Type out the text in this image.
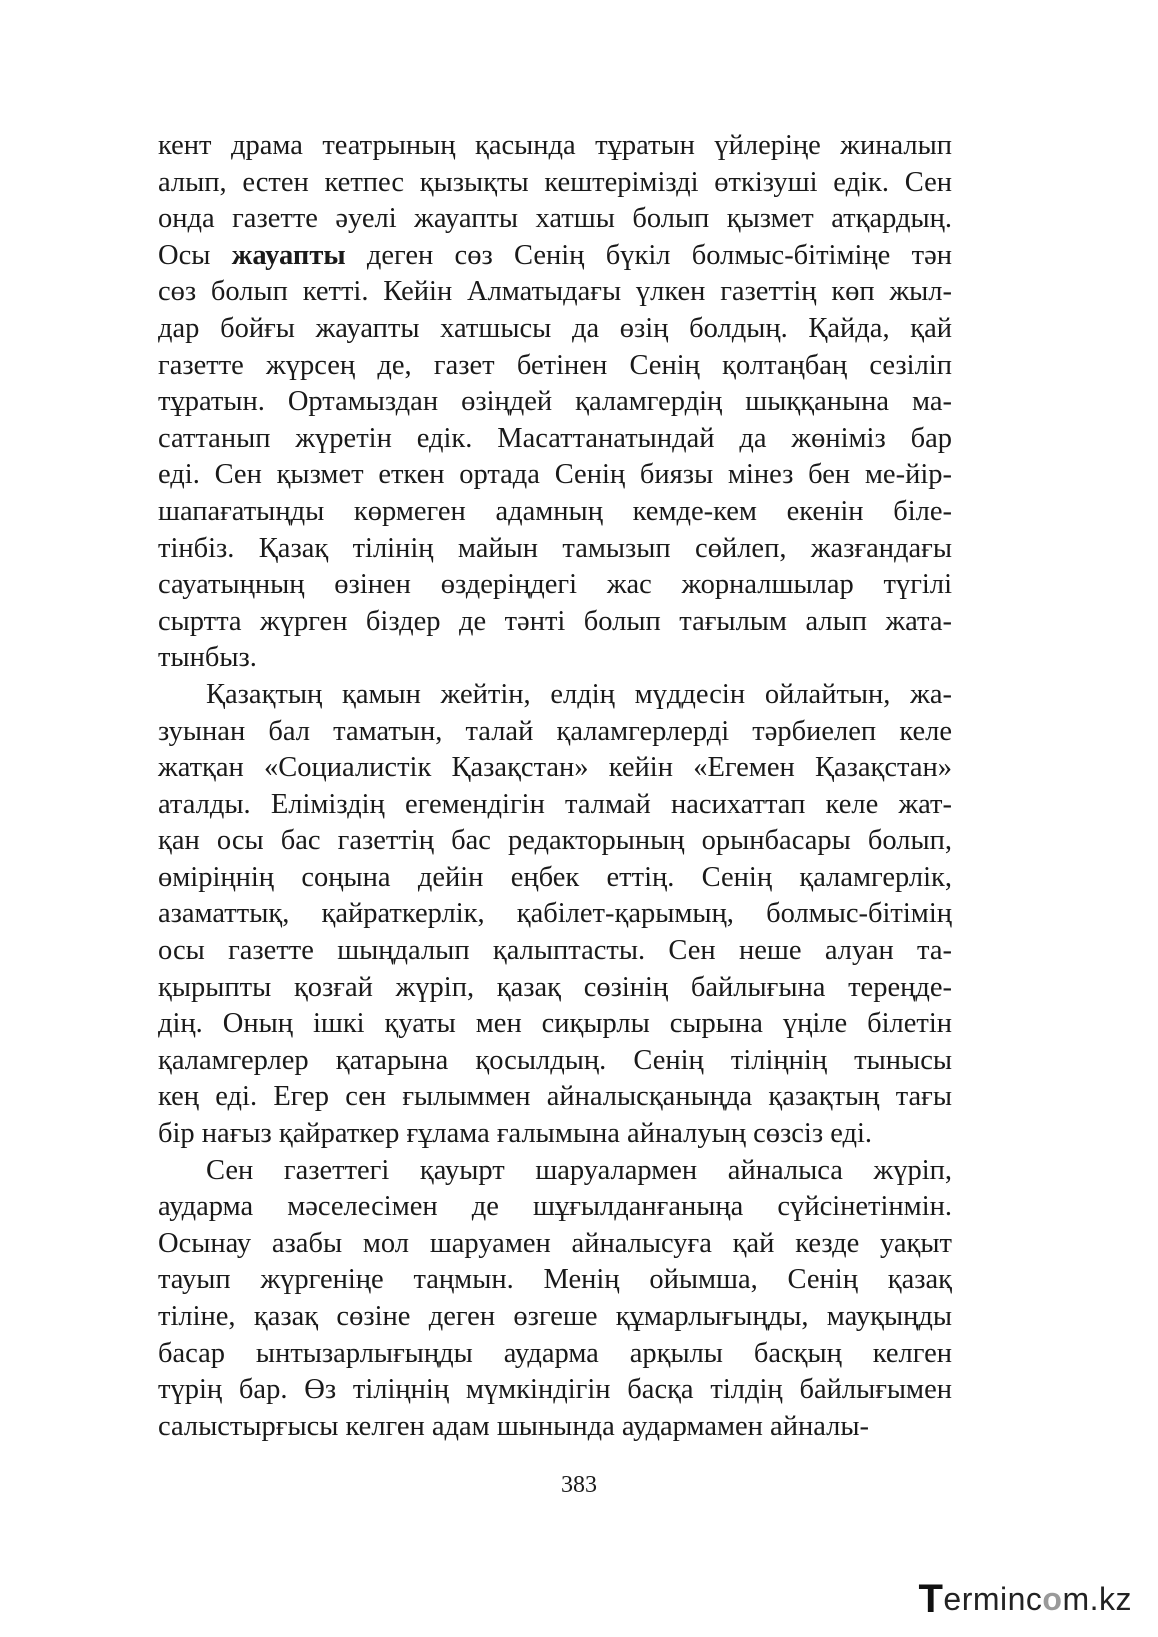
кент драма театрының қасында тұратын үйлеріңе жиналып
алып, естен кетпес қызықты кештерімізді өткізуші едік. Сен
онда газетте әуелі жауапты хатшы болып қызмет атқардың.
Осы жауапты деген сөз Сенің бүкіл болмыс-бітіміңе тән
сөз болып кетті. Кейін Алматыдағы үлкен газеттің көп жыл-
дар бойғы жауапты хатшысы да өзің болдың. Қайда, қай
газетте жүрсең де, газет бетінен Сенің қолтаңбаң сезіліп
тұратын. Ортамыздан өзіңдей қаламгердің шыққанына ма-
саттанып жүретін едік. Масаттанатындай да жөніміз бар
еді. Сен қызмет еткен ортада Сенің биязы мінез бен ме-йір-
шапағатыңды көрмеген адамның кемде-кем екенін біле-
тінбіз. Қазақ тілінің майын тамызып сөйлеп, жазғандағы
сауатыңның өзінен өздеріңдегі жас жорналшылар түгілі
сыртта жүрген біздер де тәнті болып тағылым алып жата-
тынбыз.
Қазақтың қамын жейтін, елдің мүддесін ойлайтын, жа-
зуынан бал таматын, талай қаламгерлерді тәрбиелеп келе
жатқан «Социалистік Қазақстан» кейін «Егемен Қазақстан»
аталды. Еліміздің егемендігін талмай насихаттап келе жат-
қан осы бас газеттің бас редакторының орынбасары болып,
өміріңнің соңына дейін еңбек еттің. Сенің қаламгерлік,
азаматтық, қайраткерлік, қабілет-қарымың, болмыс-бітімің
осы газетте шыңдалып қалыптасты. Сен неше алуан та-
қырыпты қозғай жүріп, қазақ сөзінің байлығына тереңде-
дің. Оның ішкі қуаты мен сиқырлы сырына үңіле білетін
қаламгерлер қатарына қосылдың. Сенің тіліңнің тынысы
кең еді. Егер сен ғылыммен айналысқаныңда қазақтың тағы
бір нағыз қайраткер ғұлама ғалымына айналуың сөзсіз еді.
Сен газеттегі қауырт шаруалармен айналыса жүріп,
аударма мәселесімен де шұғылданғаныңа сүйсінетінмін.
Осынау азабы мол шаруамен айналысуға қай кезде уақыт
тауып жүргеніңе таңмын. Менің ойымша, Сенің қазақ
тіліне, қазақ сөзіне деген өзгеше құмарлығыңды, мауқыңды
басар ынтызарлығыңды аударма арқылы басқың келген
түрің бар. Өз тіліңнің мүмкіндігін басқа тілдің байлығымен
салыстырғысы келген адам шынында аудармамен айналы-
383
T erminc o m.kz
